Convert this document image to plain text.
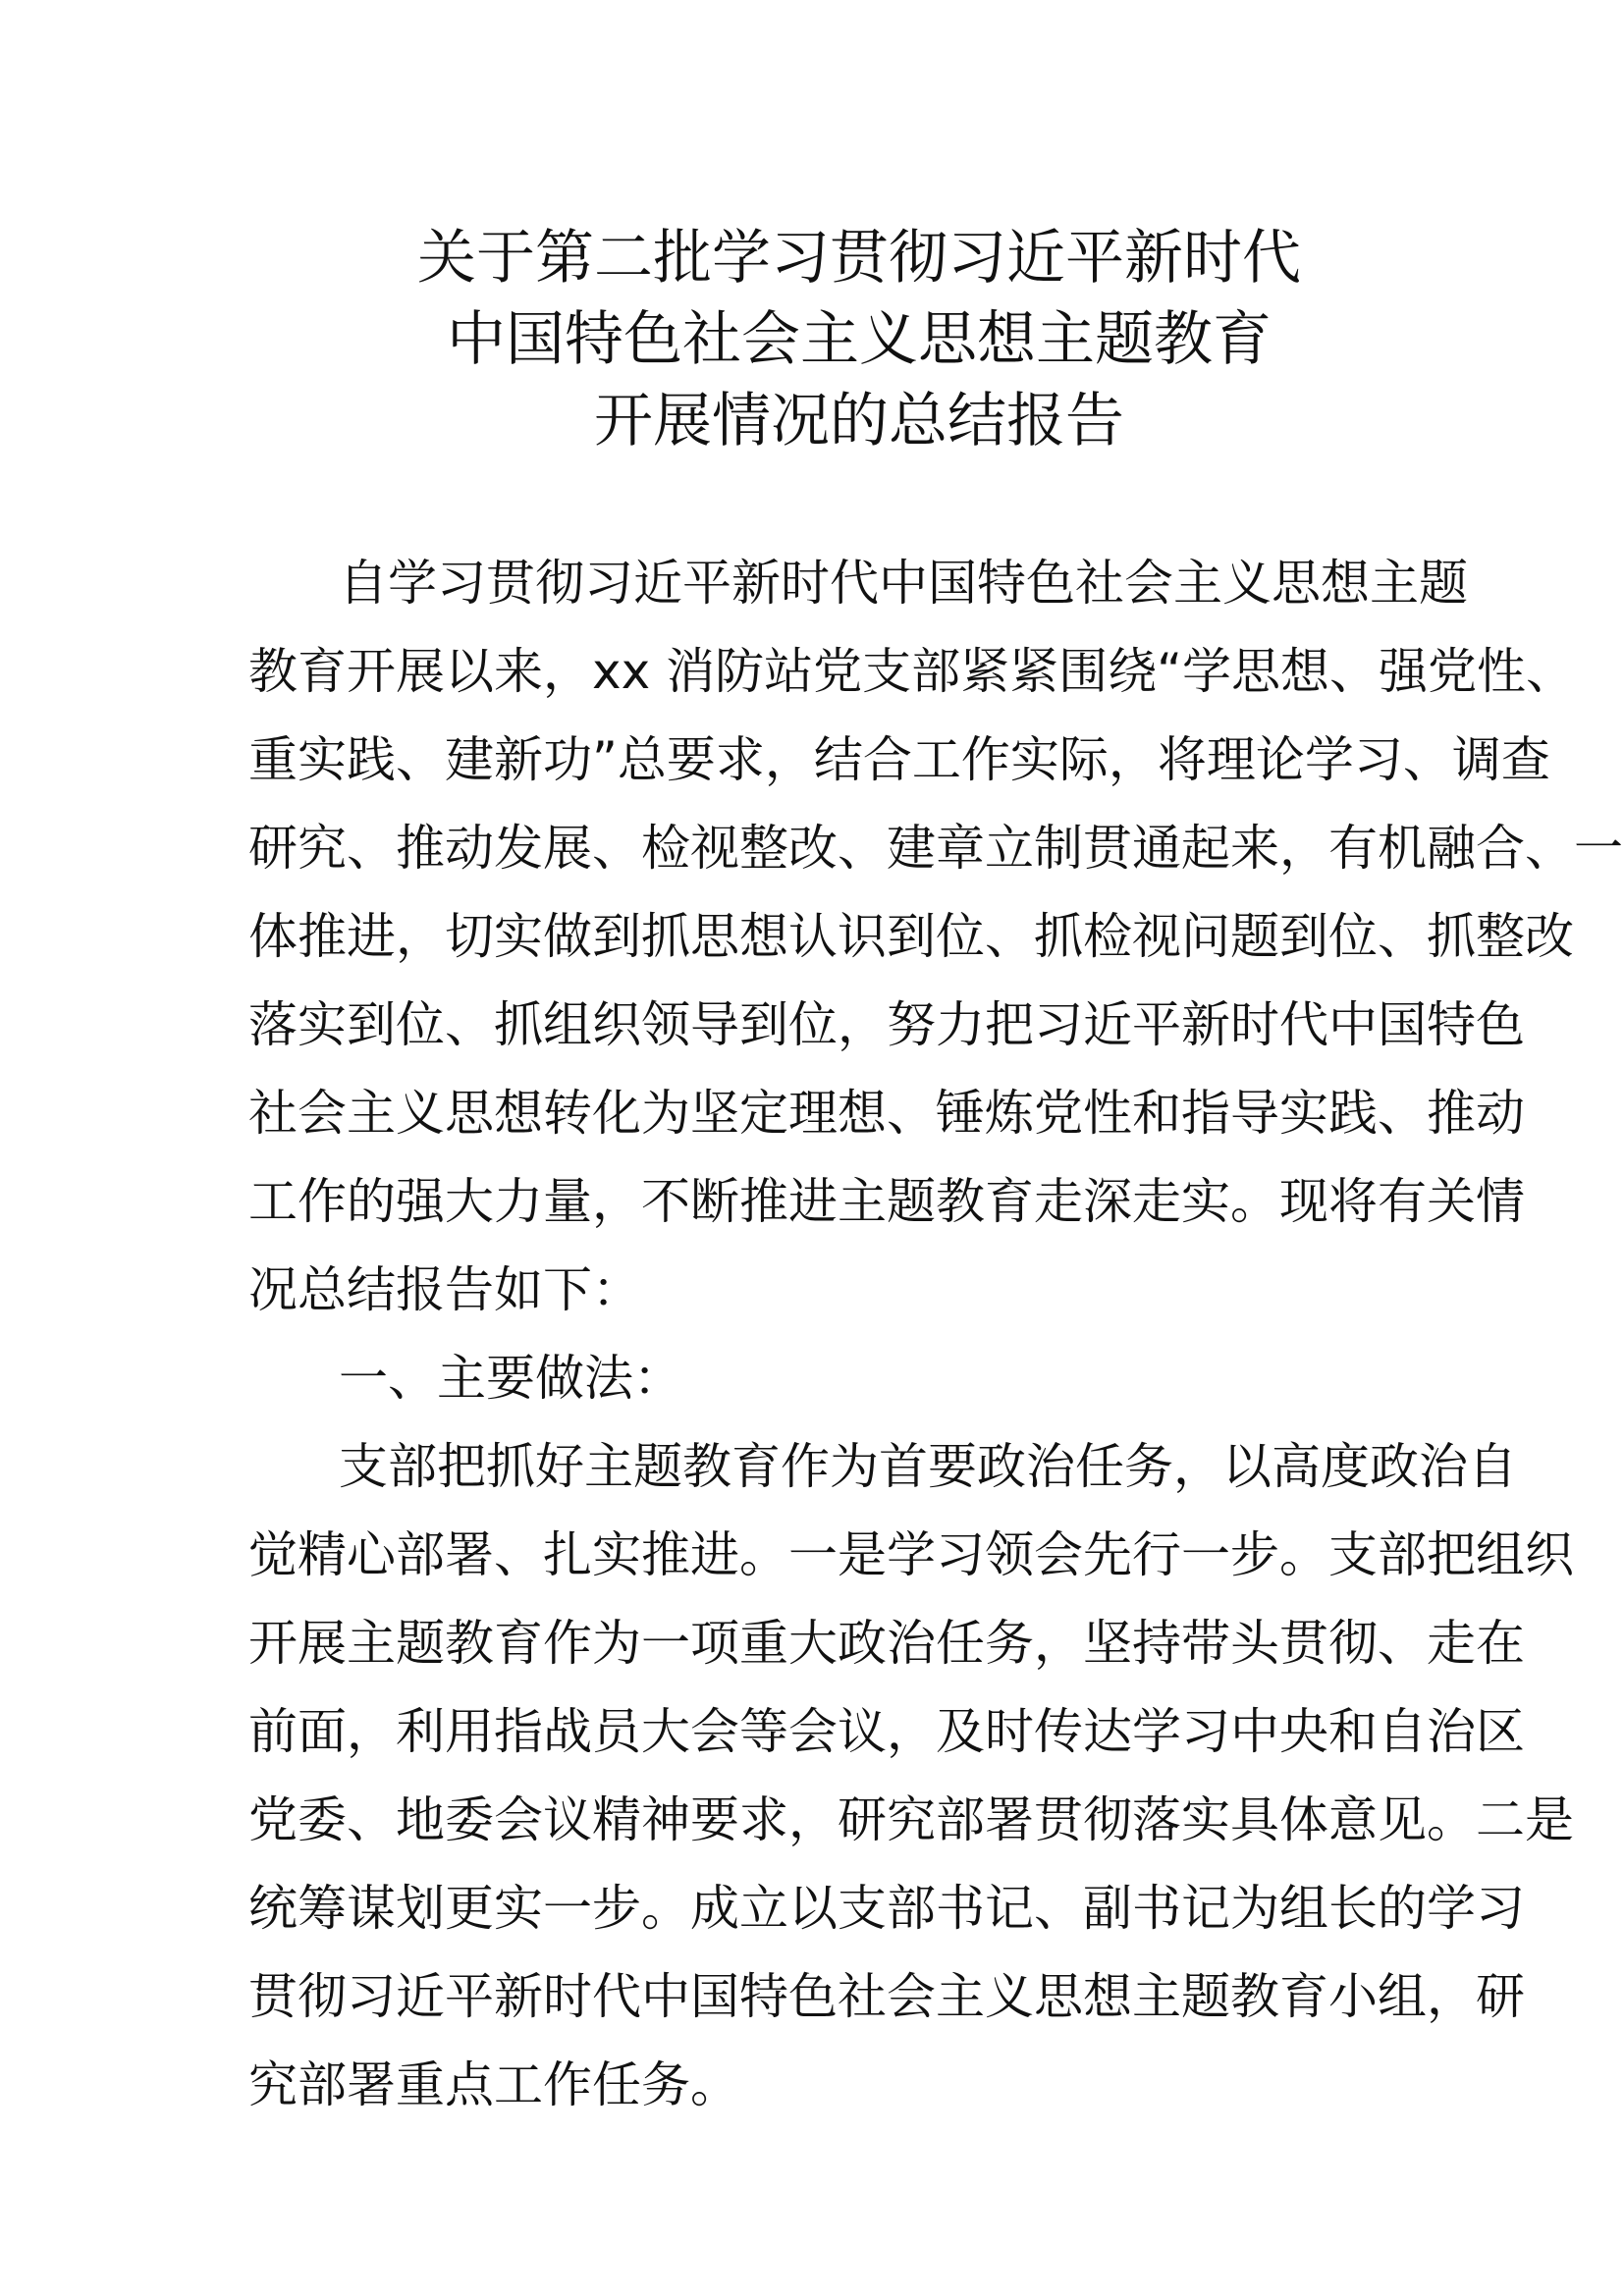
关于第二批学习贯彻习近平新时代
中国特色社会主义思想主题教育
开展情况的总结报告
自学习贯彻习近平新时代中国特色社会主义思想主题
教育开展以来，xx 消防站党支部紧紧围绕“学思想、强党性、
重实践、建新功”总要求，结合工作实际，将理论学习、调查
研究、推动发展、检视整改、建章立制贯通起来，有机融合、一
体推进，切实做到抓思想认识到位、抓检视问题到位、抓整改
落实到位、抓组织领导到位，努力把习近平新时代中国特色
社会主义思想转化为坚定理想、锤炼党性和指导实践、推动
工作的强大力量，不断推进主题教育走深走实。现将有关情
况总结报告如下：
一、主要做法：
支部把抓好主题教育作为首要政治任务，以高度政治自
觉精心部署、扎实推进。一是学习领会先行一步。支部把组织
开展主题教育作为一项重大政治任务，坚持带头贯彻、走在
前面，利用指战员大会等会议，及时传达学习中央和自治区
党委、地委会议精神要求，研究部署贯彻落实具体意见。二是
统筹谋划更实一步。成立以支部书记、副书记为组长的学习
贯彻习近平新时代中国特色社会主义思想主题教育小组，研
究部署重点工作任务。
